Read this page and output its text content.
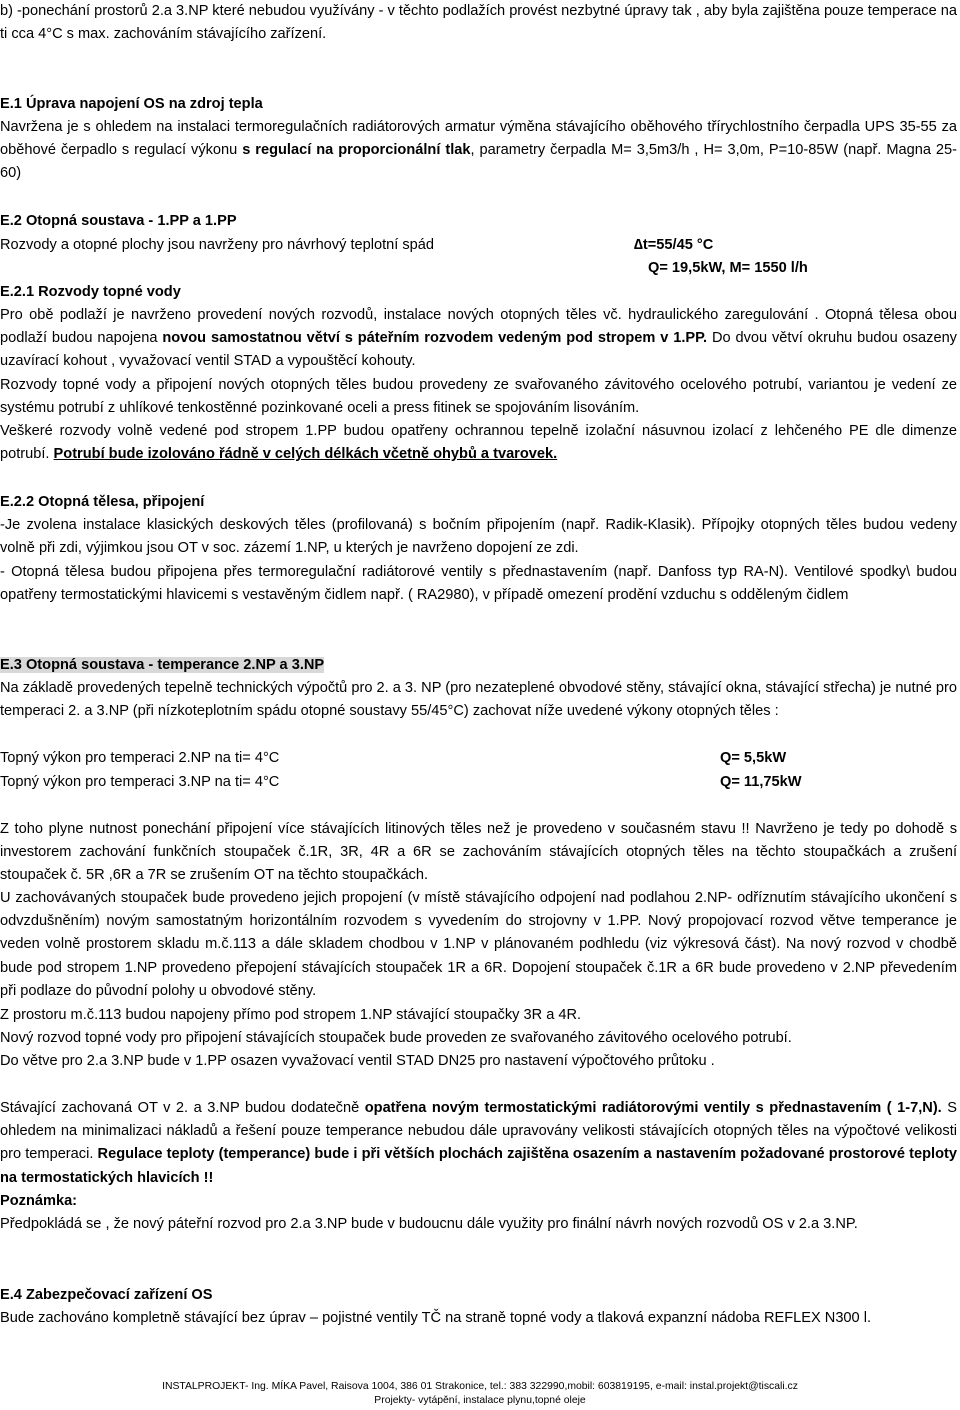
b) -ponechání prostorů 2.a 3.NP které nebudou využívány - v těchto podlažích provést nezbytné úpravy tak , aby byla zajištěna pouze temperace na ti cca 4°C s max. zachováním stávajícího zařízení.

E.1 Úprava napojení OS na zdroj tepla

Navržena je s ohledem na instalaci termoregulačních radiátorových armatur výměna stávajícího oběhového třírychlostního čerpadla UPS 35-55 za oběhové čerpadlo s regulací výkonu s regulací na proporcionální tlak, parametry čerpadla M= 3,5m3/h , H= 3,0m, P=10-85W (např. Magna 25-60)

E.2 Otopná soustava - 1.PP a 1.PP

Rozvody a otopné plochy jsou navrženy pro návrhový teplotní spád	∆t=55/45 °C
Q= 19,5kW, M= 1550 l/h

E.2.1 Rozvody topné vody

Pro obě podlaží je navrženo provedení nových rozvodů, instalace nových otopných těles vč. hydraulického zaregulování . Otopná tělesa obou podlaží budou napojena novou samostatnou větví s páteřním rozvodem vedeným pod stropem v 1.PP. Do dvou větví okruhu budou osazeny uzavírací kohout , vyvažovací ventil STAD a vypouštěcí kohouty.

Rozvody topné vody a připojení nových otopných těles budou provedeny ze svařovaného závitového ocelového potrubí, variantou je vedení ze systému potrubí z uhlíkové tenkostěnné pozinkované oceli a press fitinek se spojováním lisováním.

Veškeré rozvody volně vedené pod stropem 1.PP budou opatřeny ochrannou tepelně izolační násuvnou izolací z lehčeného PE dle dimenze potrubí. Potrubí bude izolováno řádně v celých délkách včetně ohybů a tvarovek.

E.2.2 Otopná tělesa, připojení

-Je zvolena instalace klasických deskových těles (profilovaná) s bočním připojením (např. Radik-Klasik). Přípojky otopných těles budou vedeny volně při zdi, výjimkou jsou OT v soc. zázemí 1.NP, u kterých je navrženo dopojení ze zdi.

- Otopná tělesa budou připojena přes termoregulační radiátorové ventily s přednastavením (např. Danfoss typ RA-N). Ventilové spodky\ budou opatřeny termostatickými hlavicemi s vestavěným čidlem např. ( RA2980), v případě omezení prodění vzduchu s odděleným čidlem

E.3 Otopná soustava - temperance 2.NP a 3.NP

Na základě provedených tepelně technických výpočtů pro 2. a 3. NP (pro nezateplené obvodové stěny, stávající okna, stávající střecha) je nutné pro temperaci 2. a 3.NP (při nízkoteplotním spádu otopné soustavy 55/45°C) zachovat níže uvedené výkony otopných těles :

Topný výkon pro temperaci 2.NP na ti= 4°C	Q= 5,5kW
Topný výkon pro temperaci 3.NP na ti= 4°C	Q= 11,75kW

Z toho plyne nutnost ponechání připojení více stávajících litinových těles než je provedeno v současném stavu !! Navrženo je tedy po dohodě s investorem zachování funkčních stoupaček č.1R, 3R, 4R a 6R se zachováním stávajících otopných těles na těchto stoupačkách a zrušení stoupaček č. 5R ,6R a 7R se zrušením OT na těchto stoupačkách.

U zachovávaných stoupaček bude provedeno jejich propojení (v místě stávajícího odpojení nad podlahou 2.NP- odříznutím stávajícího ukončení s odvzdušněním) novým samostatným horizontálním rozvodem s vyvedením do strojovny v 1.PP. Nový propojovací rozvod větve temperance je veden volně prostorem skladu m.č.113 a dále skladem chodbou v 1.NP v plánovaném podhledu (viz výkresová část). Na nový rozvod v chodbě bude pod stropem 1.NP provedeno přepojení stávajících stoupaček 1R a 6R. Dopojení stoupaček č.1R a 6R bude provedeno v 2.NP převedením při podlaze do původní polohy u obvodové stěny.

Z prostoru m.č.113 budou napojeny přímo pod stropem 1.NP stávající stoupačky 3R a 4R.

Nový rozvod topné vody pro připojení stávajících stoupaček bude proveden ze svařovaného závitového ocelového potrubí.

Do větve pro 2.a 3.NP bude v 1.PP osazen vyvažovací ventil STAD DN25 pro nastavení výpočtového průtoku .

Stávající zachovaná OT v 2. a 3.NP budou dodatečně opatřena novým termostatickými radiátorovými ventily s přednastavením ( 1-7,N). S ohledem na minimalizaci nákladů a řešení pouze temperance nebudou dále upravovány velikosti stávajících otopných těles na výpočtové velikosti pro temperaci. Regulace teploty (temperance) bude i při větších plochách zajištěna osazením a nastavením požadované prostorové teploty na termostatických hlavicích !!

Poznámka:

Předpokládá se , že nový páteřní rozvod pro 2.a 3.NP bude v budoucnu dále využity pro finální návrh nových rozvodů OS v 2.a 3.NP.

E.4 Zabezpečovací zařízení OS

Bude zachováno kompletně stávající bez úprav – pojistné ventily TČ na straně topné vody a tlaková expanzní nádoba REFLEX N300 l.

INSTALPROJEKT- Ing. MÍKA Pavel, Raisova 1004, 386 01 Strakonice, tel.: 383 322990,mobil: 603819195, e-mail: instal.projekt@tiscali.cz
Projekty- vytápění, instalace plynu,topné oleje
